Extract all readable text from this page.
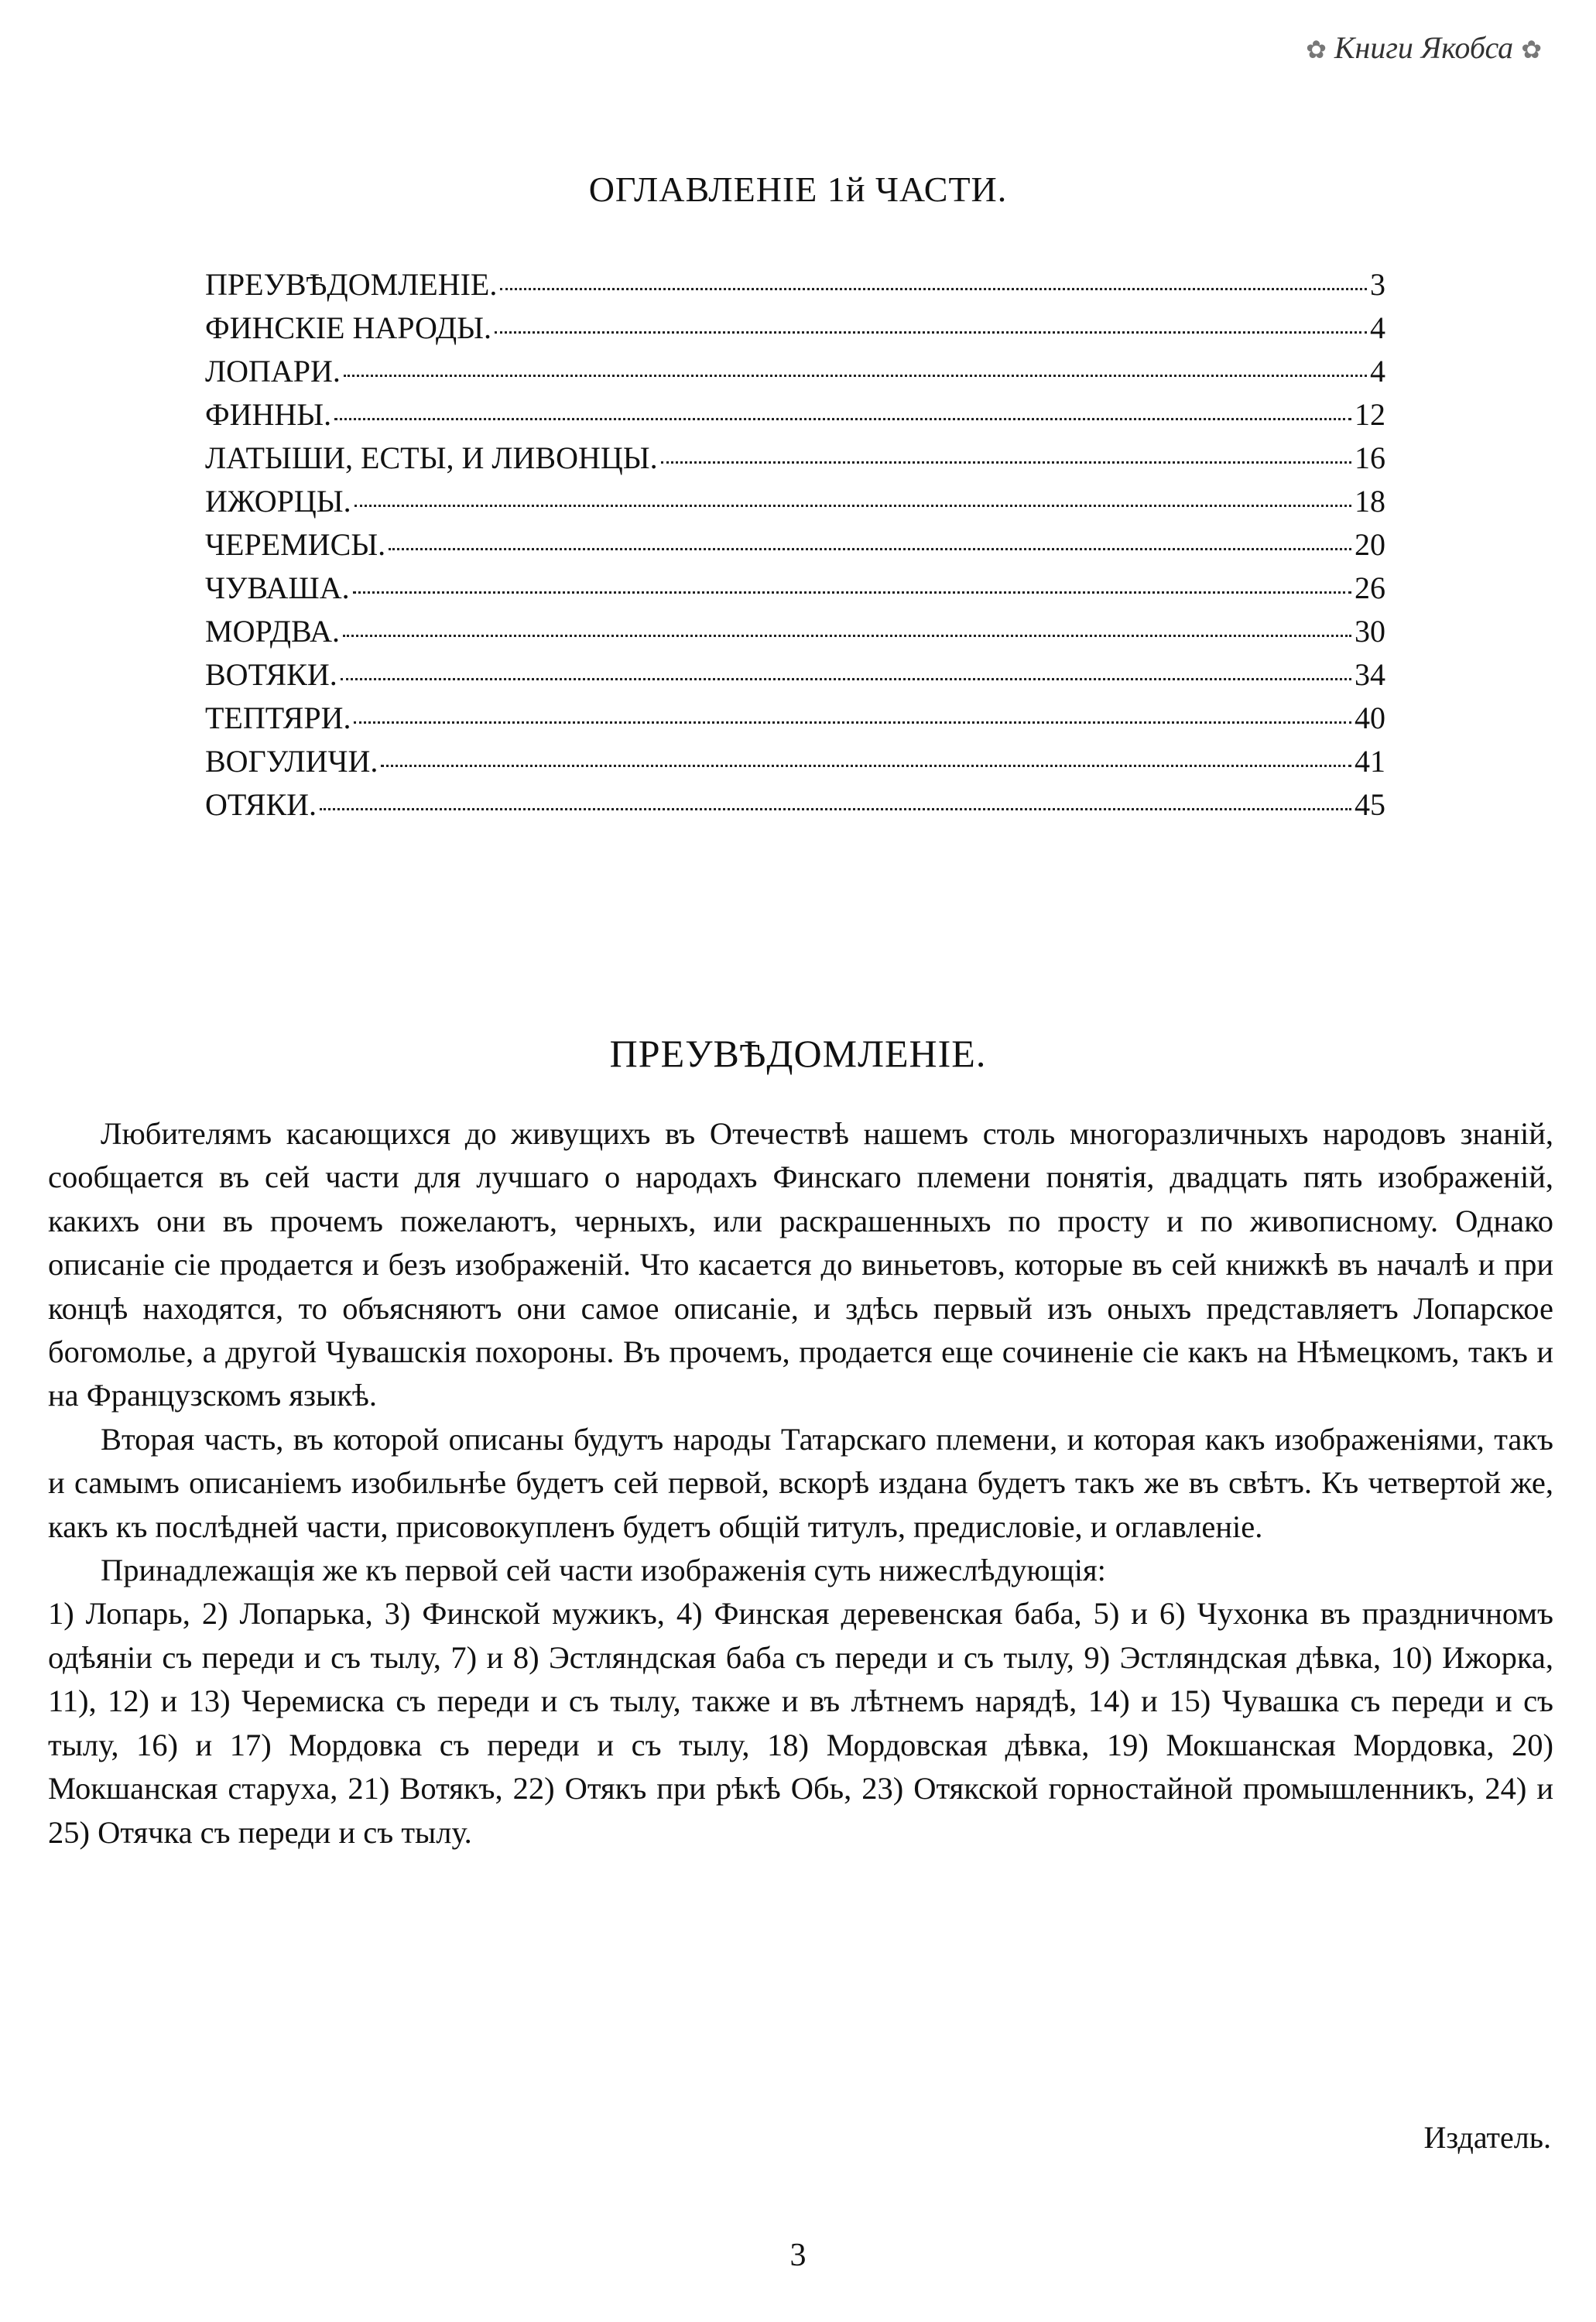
✿ Книги Якобса ✿
ОГЛАВЛЕНІЕ 1й ЧАСТИ.
ПРЕУВѢДОМЛЕНІЕ.	3
ФИНСКІЕ НАРОДЫ.	4
ЛОПАРИ.	4
ФИННЫ.	12
ЛАТЫШИ, ЕСТЫ, И ЛИВОНЦЫ.	16
ИЖОРЦЫ.	18
ЧЕРЕМИСЫ.	20
ЧУВАША.	26
МОРДВА.	30
ВОТЯКИ.	34
ТЕПТЯРИ.	40
ВОГУЛИЧИ.	41
ОТЯКИ.	45
ПРЕУВѢДОМЛЕНІЕ.

Любителямъ касающихся до живущихъ въ Отечествѣ нашемъ столь многоразличныхъ народовъ знаній, сообщается въ сей части для лучшаго о народахъ Финскаго племени понятія, двадцать пять изображеній, какихъ они въ прочемъ пожелаютъ, черныхъ, или раскрашенныхъ по просту и по живописному. Однако описаніе сіе продается и безъ изображеній. Что касается до виньетовъ, которые въ сей книжкѣ въ началѣ и при концѣ находятся, то объясняютъ они самое описаніе, и здѣсь первый изъ оныхъ представляетъ Лопарское богомолье, а другой Чувашскія похороны. Въ прочемъ, продается еще сочиненіе сіе какъ на Нѣмецкомъ, такъ и на Французскомъ языкѣ.

Вторая часть, въ которой описаны будутъ народы Татарскаго племени, и которая какъ изображеніями, такъ и самымъ описаніемъ изобильнѣе будетъ сей первой, вскорѣ издана будетъ такъ же въ свѣтъ. Къ четвертой же, какъ къ послѣдней части, присовокупленъ будетъ общій титулъ, предисловіе, и оглавленіе.

Принадлежащія же къ первой сей части изображенія суть нижеслѣдующія:

1) Лопарь, 2) Лопарька, 3) Финской мужикъ, 4) Финская деревенская баба, 5) и 6) Чухонка въ праздничномъ одѣяніи съ переди и съ тылу, 7) и 8) Эстляндская баба съ переди и съ тылу, 9) Эстляндская дѣвка, 10) Ижорка, 11), 12) и 13) Черемиска съ переди и съ тылу, также и въ лѣтнемъ нарядѣ, 14) и 15) Чувашка съ переди и съ тылу, 16) и 17) Мордовка съ переди и съ тылу, 18) Мордовская дѣвка, 19) Мокшанская Мордовка, 20) Мокшанская старуха, 21) Вотякъ, 22) Отякъ при рѣкѣ Обь, 23) Отякской горностайной промышленникъ, 24) и 25) Отячка съ переди и съ тылу.

Издатель.
3
